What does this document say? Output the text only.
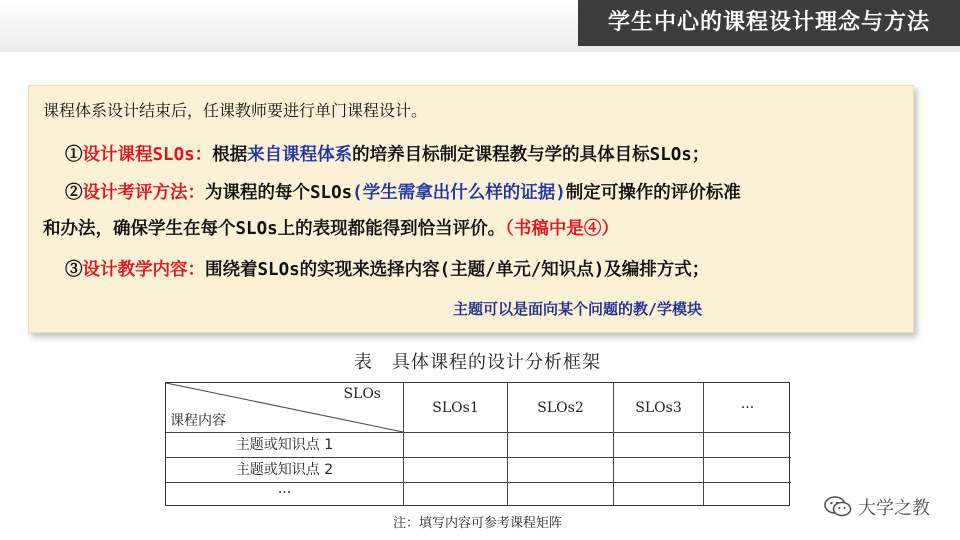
学生中心的课程设计理念与方法
课程体系设计结束后，任课教师要进行单门课程设计。
①设计课程SLOs：根据来自课程体系的培养目标制定课程教与学的具体目标SLOs；
②设计考评方法：为课程的每个SLOs(学生需拿出什么样的证据)制定可操作的评价标准
和办法，确保学生在每个SLOs上的表现都能得到恰当评价。（书稿中是④）
③设计教学内容：围绕着SLOs的实现来选择内容(主题/单元/知识点)及编排方式；
主题可以是面向某个问题的教/学模块
表　具体课程的设计分析框架
SLOs
课程内容
SLOs1	SLOs2	SLOs3	···
主题或知识点 1
主题或知识点 2
···
注：填写内容可参考课程矩阵
大学之教
